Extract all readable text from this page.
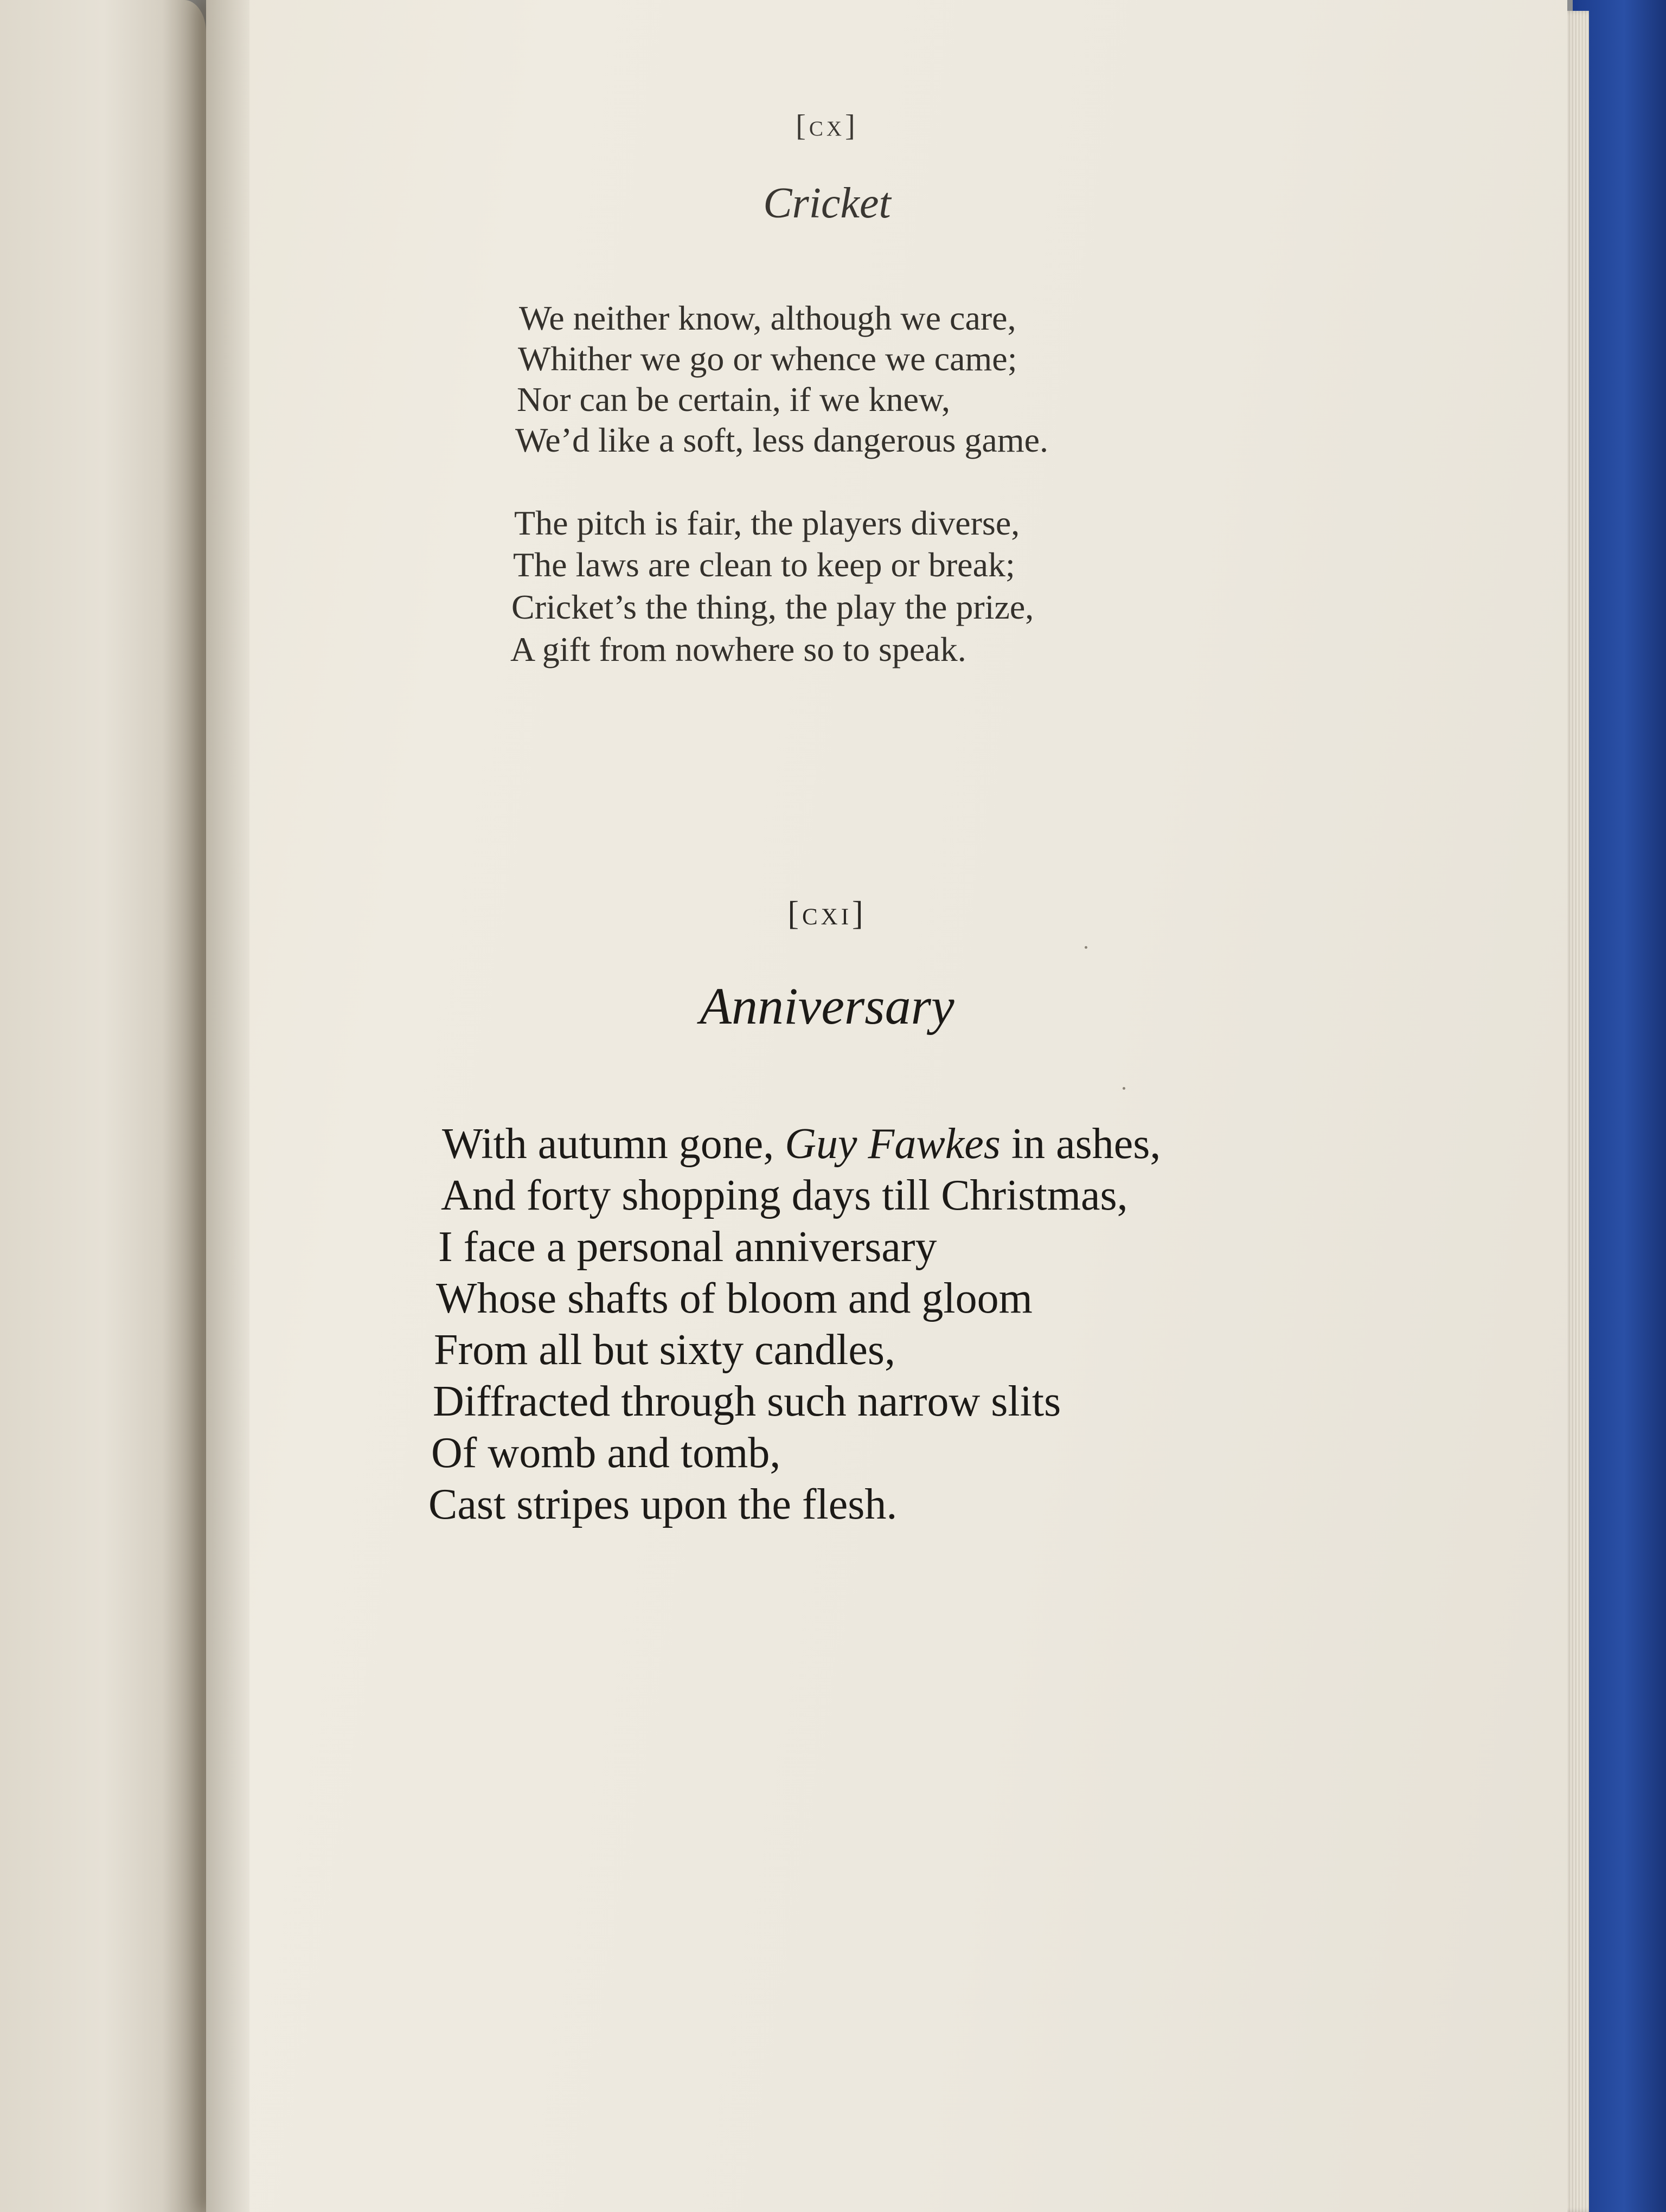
[cx]
Cricket
We neither know, although we care,
Whither we go or whence we came;
Nor can be certain, if we knew,
We’d like a soft, less dangerous game.
The pitch is fair, the players diverse,
The laws are clean to keep or break;
Cricket’s the thing, the play the prize,
A gift from nowhere so to speak.
[cxi]
Anniversary
With autumn gone, Guy Fawkes in ashes,
And forty shopping days till Christmas,
I face a personal anniversary
Whose shafts of bloom and gloom
From all but sixty candles,
Diffracted through such narrow slits
Of womb and tomb,
Cast stripes upon the flesh.
